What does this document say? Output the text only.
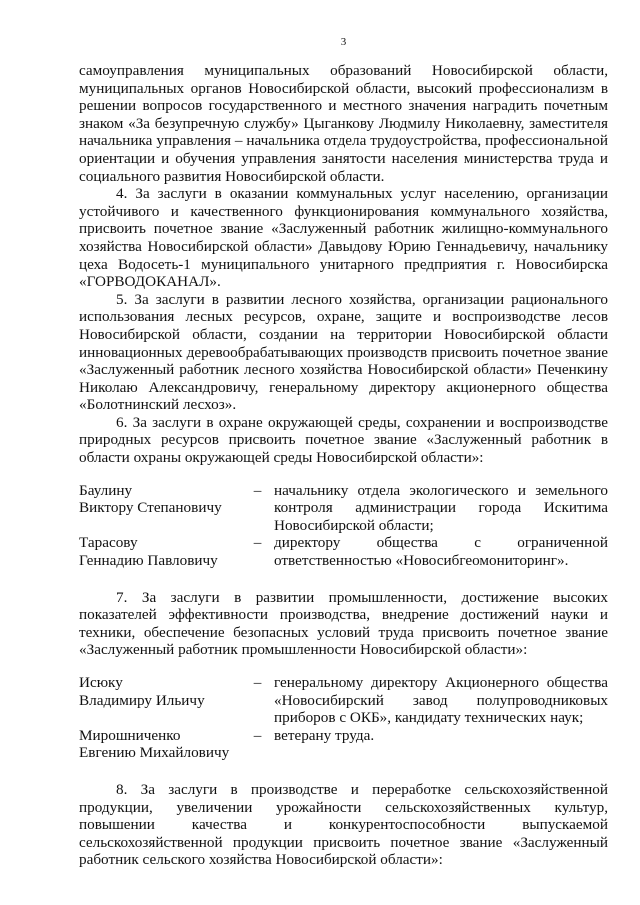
3

самоуправления муниципальных образований Новосибирской области, муниципальных органов Новосибирской области, высокий профессионализм в решении вопросов государственного и местного значения наградить почетным знаком «За безупречную службу» Цыганкову Людмилу Николаевну, заместителя начальника управления – начальника отдела трудоустройства, профессиональной ориентации и обучения управления занятости населения министерства труда и социального развития Новосибирской области.

4. За заслуги в оказании коммунальных услуг населению, организации устойчивого и качественного функционирования коммунального хозяйства, присвоить почетное звание «Заслуженный работник жилищно-коммунального хозяйства Новосибирской области» Давыдову Юрию Геннадьевичу, начальнику цеха Водосеть-1 муниципального унитарного предприятия г. Новосибирска «ГОРВОДОКАНАЛ».

5. За заслуги в развитии лесного хозяйства, организации рационального использования лесных ресурсов, охране, защите и воспроизводстве лесов Новосибирской области, создании на территории Новосибирской области инновационных деревообрабатывающих производств присвоить почетное звание «Заслуженный работник лесного хозяйства Новосибирской области» Печенкину Николаю Александровичу, генеральному директору акционерного общества «Болотнинский лесхоз».

6. За заслуги в охране окружающей среды, сохранении и воспроизводстве природных ресурсов присвоить почетное звание «Заслуженный работник в области охраны окружающей среды Новосибирской области»:

Баулину
Виктору Степановичу	–	начальнику отдела экологического и земельного контроля администрации города Искитима Новосибирской области;

Тарасову
Геннадию Павловичу	–	директору общества с ограниченной ответственностью «Новосибгеомониторинг».

7. За заслуги в развитии промышленности, достижение высоких показателей эффективности производства, внедрение достижений науки и техники, обеспечение безопасных условий труда присвоить почетное звание «Заслуженный работник промышленности Новосибирской области»:

Исюку
Владимиру Ильичу	–	генеральному директору Акционерного общества «Новосибирский завод полупроводниковых приборов с ОКБ», кандидату технических наук;

Мирошниченко
Евгению Михайловичу	–	ветерану труда.

8. За заслуги в производстве и переработке сельскохозяйственной продукции, увеличении урожайности сельскохозяйственных культур, повышении качества и конкурентоспособности выпускаемой сельскохозяйственной продукции присвоить почетное звание «Заслуженный работник сельского хозяйства Новосибирской области»:
